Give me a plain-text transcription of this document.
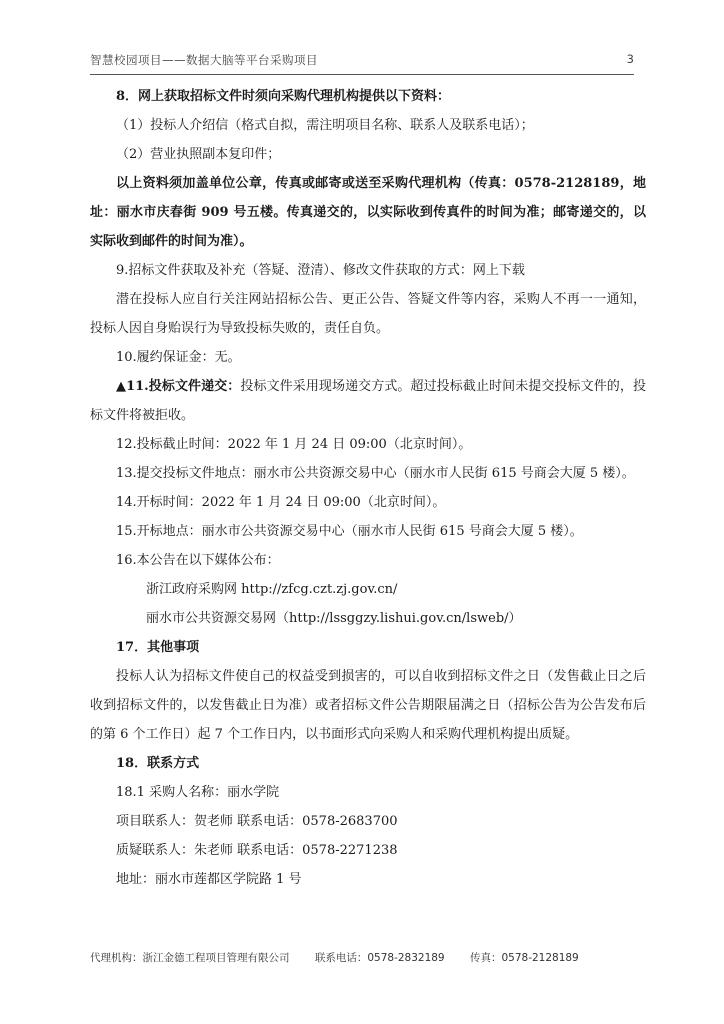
智慧校园项目——数据大脑等平台采购项目	3

8．网上获取招标文件时须向采购代理机构提供以下资料：

（1）投标人介绍信（格式自拟，需注明项目名称、联系人及联系电话）；

（2）营业执照副本复印件；

以上资料须加盖单位公章，传真或邮寄或送至采购代理机构（传真：0578-2128189，地址：丽水市庆春街 909 号五楼。传真递交的，以实际收到传真件的时间为准；邮寄递交的，以实际收到邮件的时间为准）。

9.招标文件获取及补充（答疑、澄清）、修改文件获取的方式：网上下载

潜在投标人应自行关注网站招标公告、更正公告、答疑文件等内容，采购人不再一一通知，投标人因自身贻误行为导致投标失败的，责任自负。

10.履约保证金：无。

▲11.投标文件递交：投标文件采用现场递交方式。超过投标截止时间未提交投标文件的，投标文件将被拒收。

12.投标截止时间：2022 年 1 月 24 日 09:00（北京时间）。

13.提交投标文件地点：丽水市公共资源交易中心（丽水市人民街 615 号商会大厦 5 楼）。

14.开标时间：2022 年 1 月 24 日 09:00（北京时间）。

15.开标地点：丽水市公共资源交易中心（丽水市人民街 615 号商会大厦 5 楼）。

16.本公告在以下媒体公布：

浙江政府采购网 http://zfcg.czt.zj.gov.cn/

丽水市公共资源交易网（http://lssggzy.lishui.gov.cn/lsweb/）

17．其他事项

投标人认为招标文件使自己的权益受到损害的，可以自收到招标文件之日（发售截止日之后收到招标文件的，以发售截止日为准）或者招标文件公告期限届满之日（招标公告为公告发布后的第 6 个工作日）起 7 个工作日内，以书面形式向采购人和采购代理机构提出质疑。

18．联系方式

18.1 采购人名称：丽水学院

项目联系人：贺老师 联系电话：0578-2683700

质疑联系人：朱老师 联系电话：0578-2271238

地址：丽水市莲都区学院路 1 号

代理机构：浙江金德工程项目管理有限公司 联系电话：0578-2832189 传真：0578-2128189
